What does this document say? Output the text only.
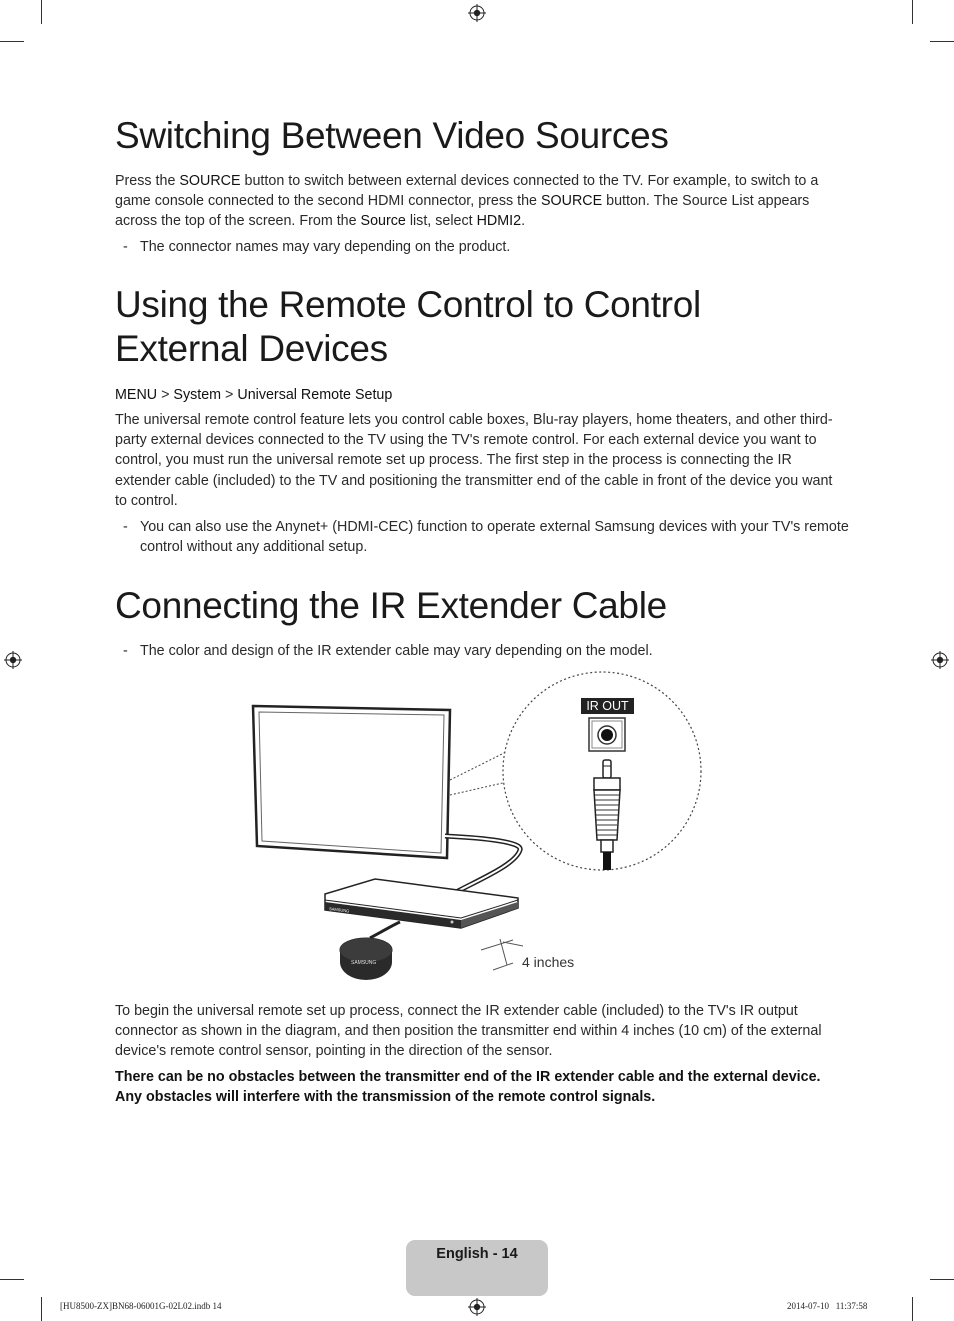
Switching Between Video Sources

Press the SOURCE button to switch between external devices connected to the TV. For example, to switch to a game console connected to the second HDMI connector, press the SOURCE button. The Source List appears across the top of the screen. From the Source list, select HDMI2.

- The connector names may vary depending on the product.

Using the Remote Control to Control
External Devices

MENU > System > Universal Remote Setup

The universal remote control feature lets you control cable boxes, Blu-ray players, home theaters, and other third-party external devices connected to the TV using the TV's remote control. For each external device you want to control, you must run the universal remote set up process. The first step in the process is connecting the IR extender cable (included) to the TV and positioning the transmitter end of the cable in front of the device you want to control.

- You can also use the Anynet+ (HDMI-CEC) function to operate external Samsung devices with your TV's remote control without any additional setup.

Connecting the IR Extender Cable

- The color and design of the IR extender cable may vary depending on the model.

SAMSUNG
SAMSUNG	4 inches
IR OUT

To begin the universal remote set up process, connect the IR extender cable (included) to the TV's IR output connector as shown in the diagram, and then position the transmitter end within 4 inches (10 cm) of the external device's remote control sensor, pointing in the direction of the sensor.

There can be no obstacles between the transmitter end of the IR extender cable and the external device. Any obstacles will interfere with the transmission of the remote control signals.

English - 14
[HU8500-ZX]BN68-06001G-02L02.indb 14	2014-07-10   11:37:58
